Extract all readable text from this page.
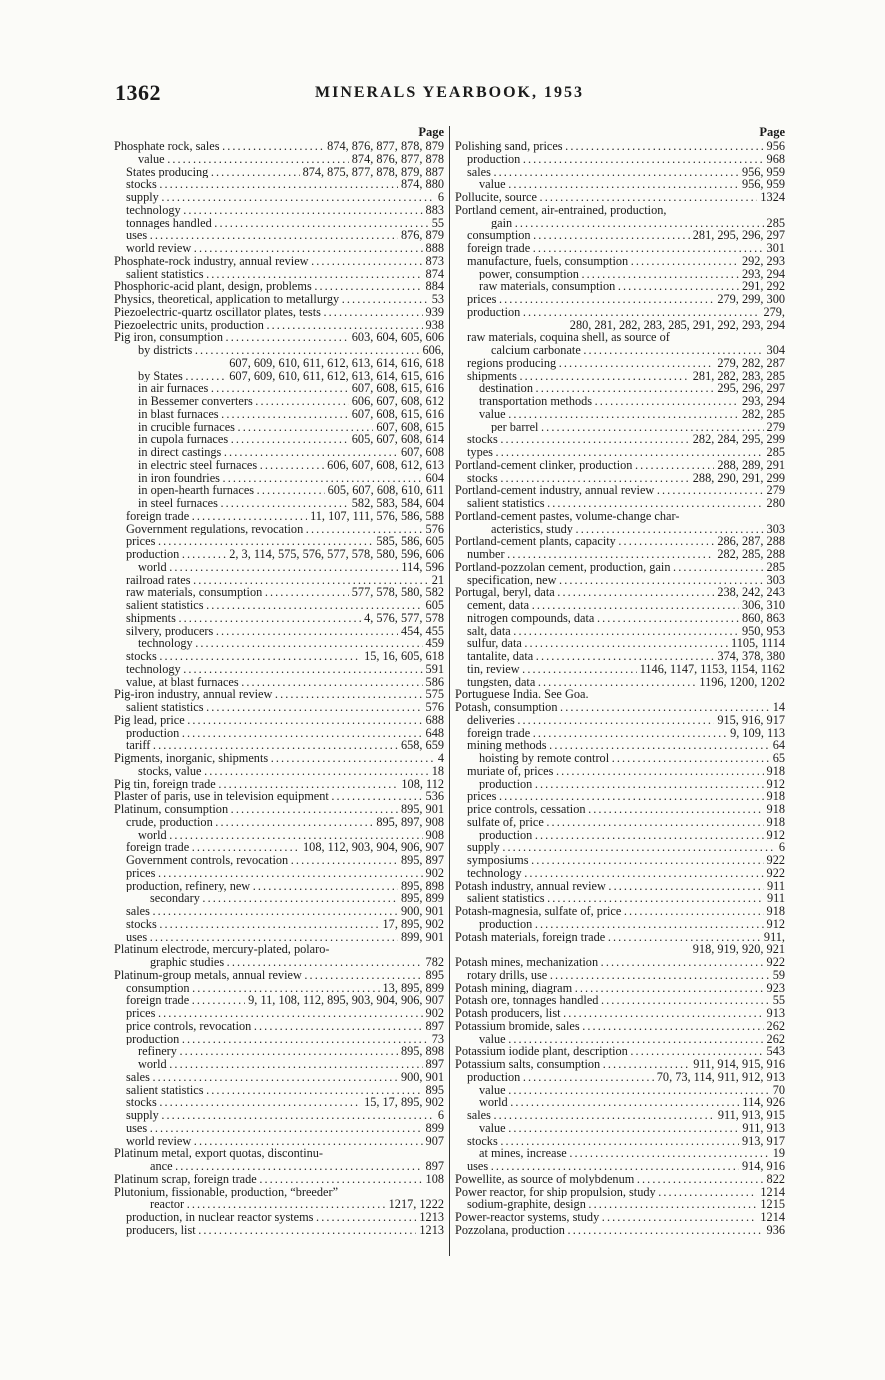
1362	MINERALS YEARBOOK, 1953
Page
Phosphate rock, sales . . .	874, 876, 877, 878, 879
value . . .	874, 876, 877, 878
States producing . . .	874, 875, 877, 878, 879, 887
stocks . . .	874, 880
supply . . .	6
technology . . .	883
tonnages handled . . .	55
uses . . .	876, 879
world review . . .	888
Phosphate-rock industry, annual review . . .	873
salient statistics . . .	874
Phosphoric-acid plant, design, problems . . .	884
Physics, theoretical, application to metallurgy . . .	53
Piezoelectric-quartz oscillator plates, tests . . .	939
Piezoelectric units, production . . .	938
Pig iron, consumption . . .	603, 604, 605, 606
by districts . . .	606,
607, 609, 610, 611, 612, 613, 614, 616, 618
by States . . .	607, 609, 610, 611, 612, 613, 614, 615, 616
in air furnaces . . .	607, 608, 615, 616
in Bessemer converters . . .	606, 607, 608, 612
in blast furnaces . . .	607, 608, 615, 616
in crucible furnaces . . .	607, 608, 615
in cupola furnaces . . .	605, 607, 608, 614
in direct castings . . .	607, 608
in electric steel furnaces . . .	606, 607, 608, 612, 613
in iron foundries . . .	604
in open-hearth furnaces . . .	605, 607, 608, 610, 611
in steel furnaces . . .	582, 583, 584, 604
foreign trade . . .	11, 107, 111, 576, 586, 588
Government regulations, revocation . . .	576
prices . . .	585, 586, 605
production . . .	2, 3, 114, 575, 576, 577, 578, 580, 596, 606
world . . .	114, 596
railroad rates . . .	21
raw materials, consumption . . .	577, 578, 580, 582
salient statistics . . .	605
shipments . . .	4, 576, 577, 578
silvery, producers . . .	454, 455
technology . . .	459
stocks . . .	15, 16, 605, 618
technology . . .	591
value, at blast furnaces . . .	586
Pig-iron industry, annual review . . .	575
salient statistics . . .	576
Pig lead, price . . .	688
production . . .	648
tariff . . .	658, 659
Pigments, inorganic, shipments . . .	4
stocks, value . . .	18
Pig tin, foreign trade . . .	108, 112
Plaster of paris, use in television equipment . . .	536
Platinum, consumption . . .	895, 901
crude, production . . .	895, 897, 908
world . . .	908
foreign trade . . .	108, 112, 903, 904, 906, 907
Government controls, revocation . . .	895, 897
prices . . .	902
production, refinery, new . . .	895, 898
secondary . . .	895, 899
sales . . .	900, 901
stocks . . .	17, 895, 902
uses . . .	899, 901
Platinum electrode, mercury-plated, polaro-
graphic studies . . .	782
Platinum-group metals, annual review . . .	895
consumption . . .	13, 895, 899
foreign trade . . .	9, 11, 108, 112, 895, 903, 904, 906, 907
prices . . .	902
price controls, revocation . . .	897
production . . .	73
refinery . . .	895, 898
world . . .	897
sales . . .	900, 901
salient statistics . . .	895
stocks . . .	15, 17, 895, 902
supply . . .	6
uses . . .	899
world review . . .	907
Platinum metal, export quotas, discontinu-
ance . . .	897
Platinum scrap, foreign trade . . .	108
Plutonium, fissionable, production, “breeder”
reactor . . .	1217, 1222
production, in nuclear reactor systems . . .	1213
producers, list . . .	1213
Page
Polishing sand, prices . . .	956
production . . .	968
sales . . .	956, 959
value . . .	956, 959
Pollucite, source . . .	1324
Portland cement, air-entrained, production,
gain . . .	285
consumption . . .	281, 295, 296, 297
foreign trade . . .	301
manufacture, fuels, consumption . . .	292, 293
power, consumption . . .	293, 294
raw materials, consumption . . .	291, 292
prices . . .	279, 299, 300
production . . .	279,
280, 281, 282, 283, 285, 291, 292, 293, 294
raw materials, coquina shell, as source of
calcium carbonate . . .	304
regions producing . . .	279, 282, 287
shipments . . .	281, 282, 283, 285
destination . . .	295, 296, 297
transportation methods . . .	293, 294
value . . .	282, 285
per barrel . . .	279
stocks . . .	282, 284, 295, 299
types . . .	285
Portland-cement clinker, production . . .	288, 289, 291
stocks . . .	288, 290, 291, 299
Portland-cement industry, annual review . . .	279
salient statistics . . .	280
Portland-cement pastes, volume-change char-
acteristics, study . . .	303
Portland-cement plants, capacity . . .	286, 287, 288
number . . .	282, 285, 288
Portland-pozzolan cement, production, gain . . .	285
specification, new . . .	303
Portugal, beryl, data . . .	238, 242, 243
cement, data . . .	306, 310
nitrogen compounds, data . . .	860, 863
salt, data . . .	950, 953
sulfur, data . . .	1105, 1114
tantalite, data . . .	374, 378, 380
tin, review . . .	1146, 1147, 1153, 1154, 1162
tungsten, data . . .	1196, 1200, 1202
Portuguese India. See Goa.
Potash, consumption . . .	14
deliveries . . .	915, 916, 917
foreign trade . . .	9, 109, 113
mining methods . . .	64
hoisting by remote control . . .	65
muriate of, prices . . .	918
production . . .	912
prices . . .	918
price controls, cessation . . .	918
sulfate of, price . . .	918
production . . .	912
supply . . .	6
symposiums . . .	922
technology . . .	922
Potash industry, annual review . . .	911
salient statistics . . .	911
Potash-magnesia, sulfate of, price . . .	918
production . . .	912
Potash materials, foreign trade . . .	911,
918, 919, 920, 921
Potash mines, mechanization . . .	922
rotary drills, use . . .	59
Potash mining, diagram . . .	923
Potash ore, tonnages handled . . .	55
Potash producers, list . . .	913
Potassium bromide, sales . . .	262
value . . .	262
Potassium iodide plant, description . . .	543
Potassium salts, consumption . . .	911, 914, 915, 916
production . . .	70, 73, 114, 911, 912, 913
value . . .	70
world . . .	114, 926
sales . . .	911, 913, 915
value . . .	911, 913
stocks . . .	913, 917
at mines, increase . . .	19
uses . . .	914, 916
Powellite, as source of molybdenum . . .	822
Power reactor, for ship propulsion, study . . .	1214
sodium-graphite, design . . .	1215
Power-reactor systems, study . . .	1214
Pozzolana, production . . .	936
